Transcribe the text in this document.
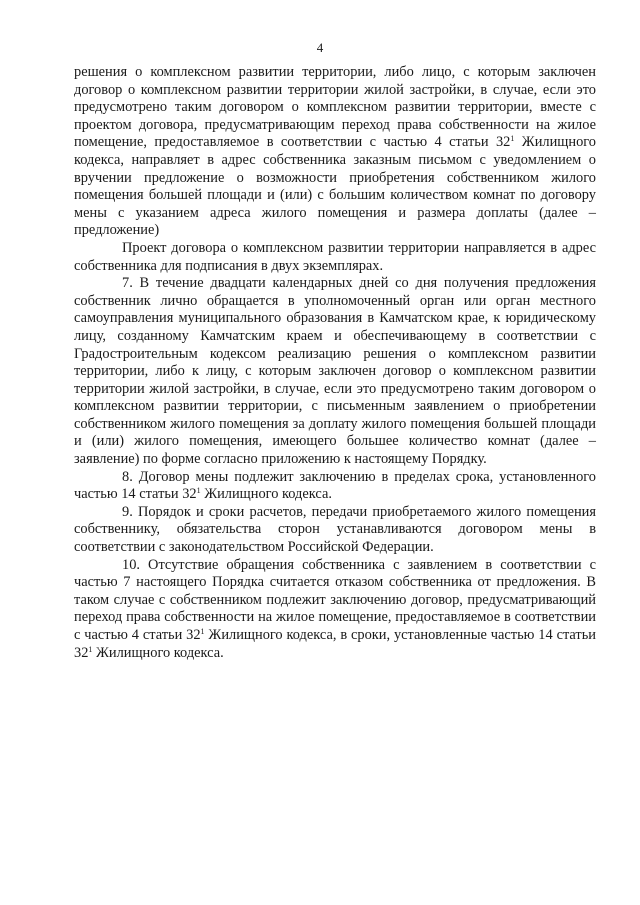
4

решения о комплексном развитии территории, либо лицо, с которым заключен договор о комплексном развитии территории жилой застройки, в случае, если это предусмотрено таким договором о комплексном развитии территории, вместе с проектом договора, предусматривающим переход права собственности на жилое помещение, предоставляемое в соответствии с частью 4 статьи $32^1$ Жилищного кодекса, направляет в адрес собственника заказным письмом с уведомлением о вручении предложение о возможности приобретения собственником жилого помещения большей площади и (или) с большим количеством комнат по договору мены с указанием адреса жилого помещения и размера доплаты (далее – предложение)

Проект договора о комплексном развитии территории направляется в адрес собственника для подписания в двух экземплярах.

7. В течение двадцати календарных дней со дня получения предложения собственник лично обращается в уполномоченный орган или орган местного самоуправления муниципального образования в Камчатском крае, к юридическому лицу, созданному Камчатским краем и обеспечивающему в соответствии с Градостроительным кодексом реализацию решения о комплексном развитии территории, либо к лицу, с которым заключен договор о комплексном развитии территории жилой застройки, в случае, если это предусмотрено таким договором о комплексном развитии территории, с письменным заявлением о приобретении собственником жилого помещения за доплату жилого помещения большей площади и (или) жилого помещения, имеющего большее количество комнат (далее – заявление) по форме согласно приложению к настоящему Порядку.

8. Договор мены подлежит заключению в пределах срока, установленного частью 14 статьи $32^1$ Жилищного кодекса.

9. Порядок и сроки расчетов, передачи приобретаемого жилого помещения собственнику, обязательства сторон устанавливаются договором мены в соответствии с законодательством Российской Федерации.

10. Отсутствие обращения собственника с заявлением в соответствии с частью 7 настоящего Порядка считается отказом собственника от предложения. В таком случае с собственником подлежит заключению договор, предусматривающий переход права собственности на жилое помещение, предоставляемое в соответствии с частью 4 статьи $32^1$ Жилищного кодекса, в сроки, установленные частью 14 статьи $32^1$ Жилищного кодекса.
